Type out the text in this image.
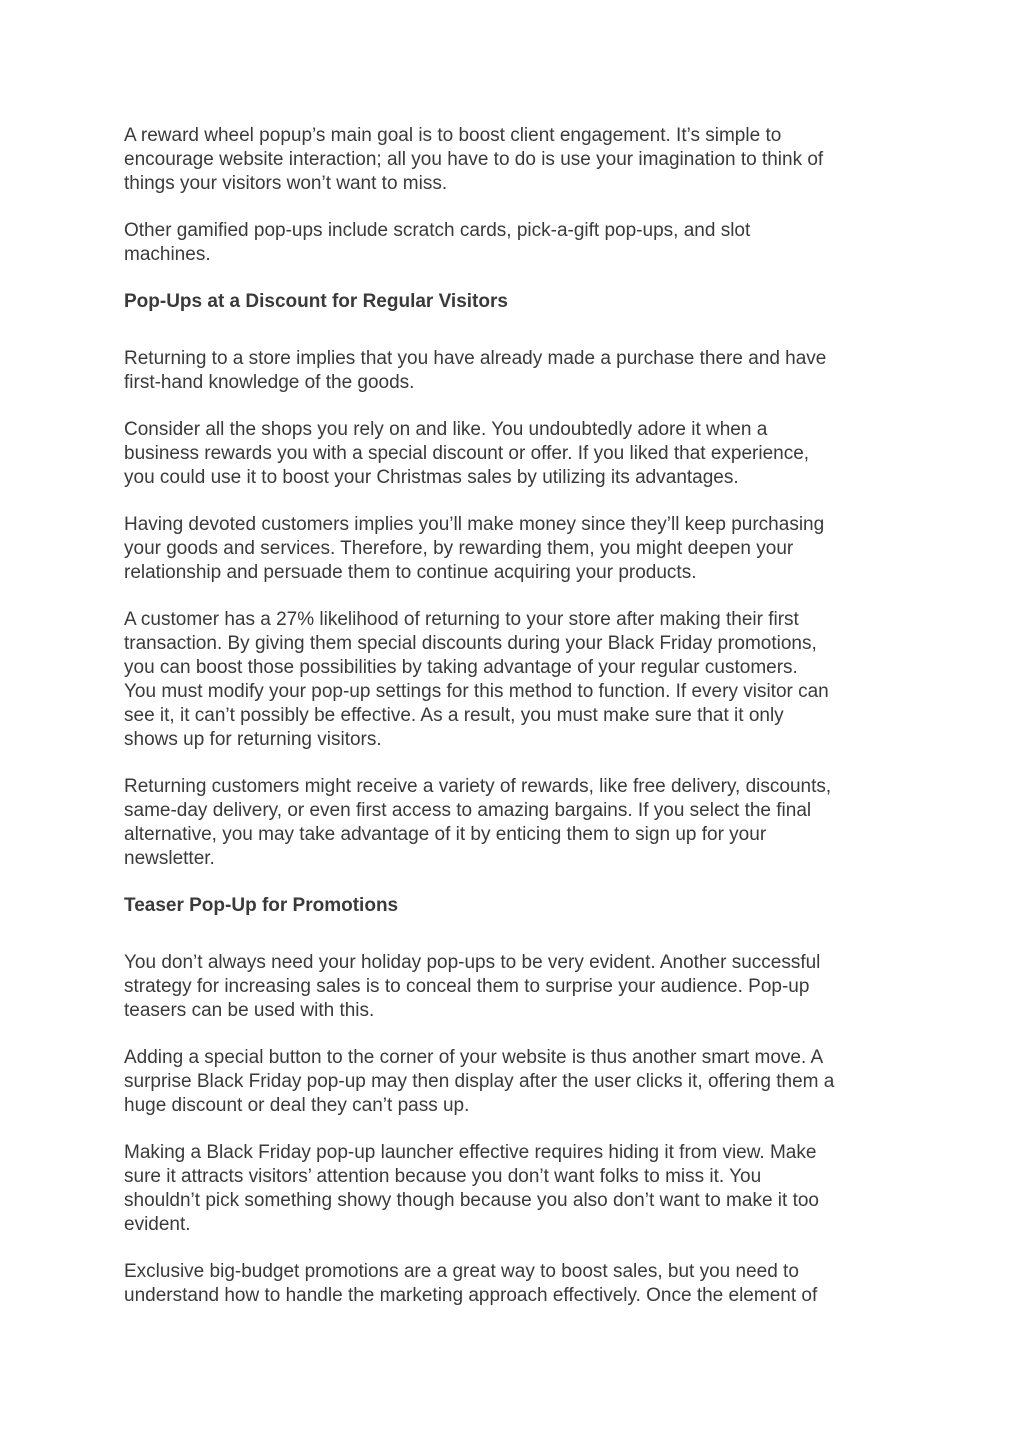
A reward wheel popup’s main goal is to boost client engagement. It’s simple to
encourage website interaction; all you have to do is use your imagination to think of
things your visitors won’t want to miss.
Other gamified pop-ups include scratch cards, pick-a-gift pop-ups, and slot
machines.
Pop-Ups at a Discount for Regular Visitors
Returning to a store implies that you have already made a purchase there and have
first-hand knowledge of the goods.
Consider all the shops you rely on and like. You undoubtedly adore it when a
business rewards you with a special discount or offer. If you liked that experience,
you could use it to boost your Christmas sales by utilizing its advantages.
Having devoted customers implies you’ll make money since they’ll keep purchasing
your goods and services. Therefore, by rewarding them, you might deepen your
relationship and persuade them to continue acquiring your products.
A customer has a 27% likelihood of returning to your store after making their first
transaction. By giving them special discounts during your Black Friday promotions,
you can boost those possibilities by taking advantage of your regular customers.
You must modify your pop-up settings for this method to function. If every visitor can
see it, it can’t possibly be effective. As a result, you must make sure that it only
shows up for returning visitors.
Returning customers might receive a variety of rewards, like free delivery, discounts,
same-day delivery, or even first access to amazing bargains. If you select the final
alternative, you may take advantage of it by enticing them to sign up for your
newsletter.
Teaser Pop-Up for Promotions
You don’t always need your holiday pop-ups to be very evident. Another successful
strategy for increasing sales is to conceal them to surprise your audience. Pop-up
teasers can be used with this.
Adding a special button to the corner of your website is thus another smart move. A
surprise Black Friday pop-up may then display after the user clicks it, offering them a
huge discount or deal they can’t pass up.
Making a Black Friday pop-up launcher effective requires hiding it from view. Make
sure it attracts visitors’ attention because you don’t want folks to miss it. You
shouldn’t pick something showy though because you also don’t want to make it too
evident.
Exclusive big-budget promotions are a great way to boost sales, but you need to
understand how to handle the marketing approach effectively. Once the element of
